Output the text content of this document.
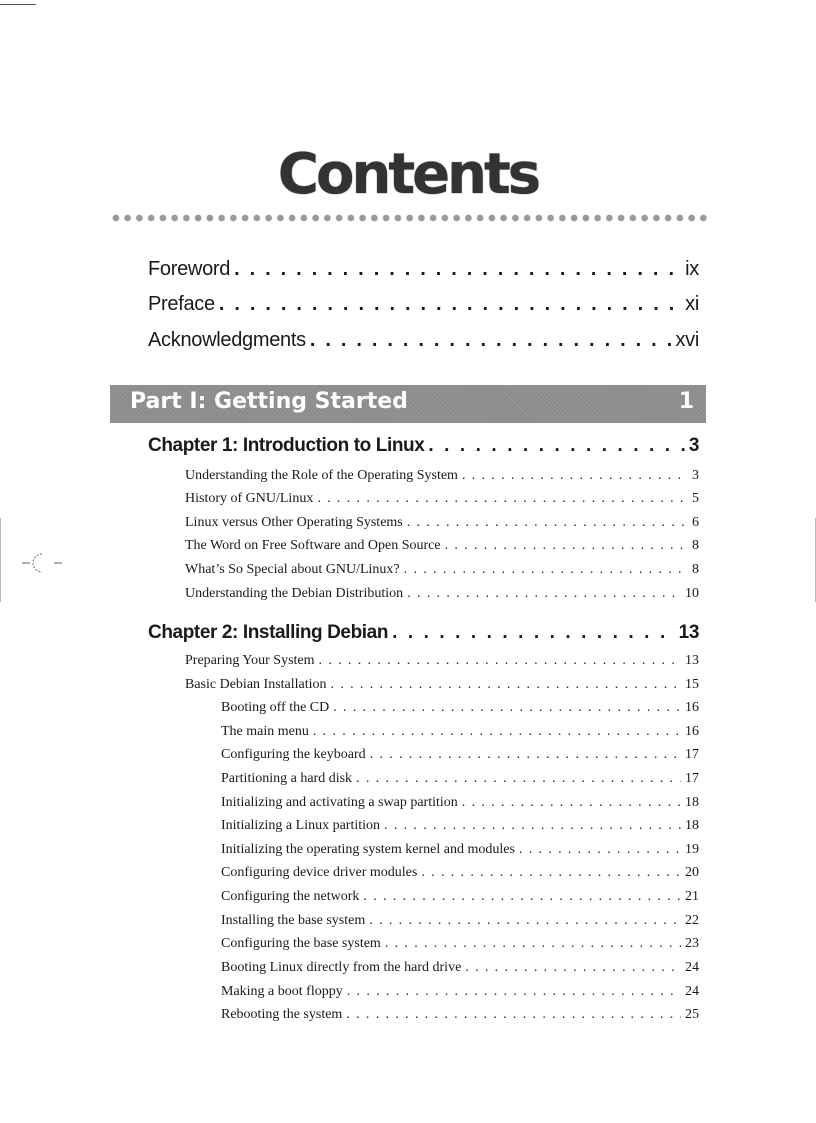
Contents
Foreword . . .	ix
Preface . . .	xi
Acknowledgments . . .	xvi
Part I: Getting Started	1
Chapter 1: Introduction to Linux . . .	3
Understanding the Role of the Operating System . . .	3
History of GNU/Linux . . .	5
Linux versus Other Operating Systems . . .	6
The Word on Free Software and Open Source . . .	8
What’s So Special about GNU/Linux? . . .	8
Understanding the Debian Distribution . . .	10
Chapter 2: Installing Debian . . .	13
Preparing Your System . . .	13
Basic Debian Installation . . .	15
Booting off the CD . . .	16
The main menu . . .	16
Configuring the keyboard . . .	17
Partitioning a hard disk . . .	17
Initializing and activating a swap partition . . .	18
Initializing a Linux partition . . .	18
Initializing the operating system kernel and modules . . .	19
Configuring device driver modules . . .	20
Configuring the network . . .	21
Installing the base system . . .	22
Configuring the base system . . .	23
Booting Linux directly from the hard drive . . .	24
Making a boot floppy . . .	24
Rebooting the system . . .	25
